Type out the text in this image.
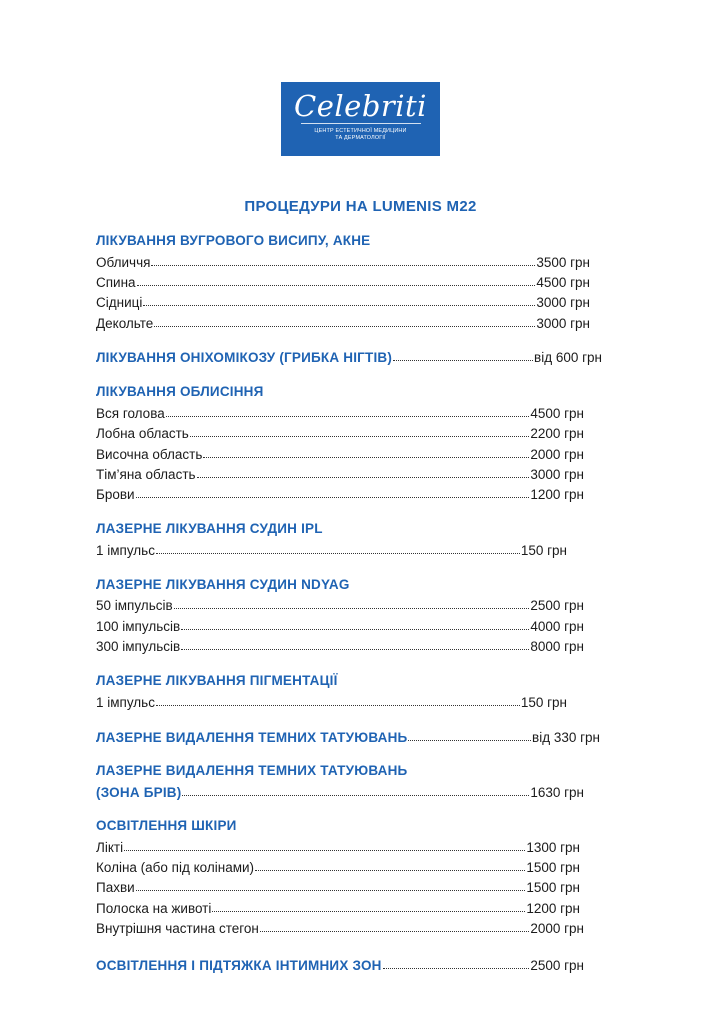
Celebriti
ЦЕНТР ЕСТЕТИЧНОЇ МЕДИЦИНИ
ТА ДЕРМАТОЛОГІЇ
ПРОЦЕДУРИ НА LUMENIS M22
ЛІКУВАННЯ ВУГРОВОГО ВИСИПУ, АКНЕ
Обличчя	3500 грн
Спина	4500 грн
Сідниці	3000 грн
Декольте	3000 грн
ЛІКУВАННЯ ОНІХОМІКОЗУ (ГРИБКА НІГТІВ)	від 600 грн
ЛІКУВАННЯ ОБЛИСІННЯ
Вся голова	4500 грн
Лобна область	2200 грн
Височна область	2000 грн
Тім’яна область	3000 грн
Брови	1200 грн
ЛАЗЕРНЕ ЛІКУВАННЯ СУДИН IPL
1 імпульс	150 грн
ЛАЗЕРНЕ ЛІКУВАННЯ СУДИН NDYAG
50 імпульсів	2500 грн
100 імпульсів	4000 грн
300 імпульсів	8000 грн
ЛАЗЕРНЕ ЛІКУВАННЯ ПІГМЕНТАЦІЇ
1 імпульс	150 грн
ЛАЗЕРНЕ ВИДАЛЕННЯ ТЕМНИХ ТАТУЮВАНЬ	від 330 грн
ЛАЗЕРНЕ ВИДАЛЕННЯ ТЕМНИХ ТАТУЮВАНЬ
(ЗОНА БРІВ)	1630 грн
ОСВІТЛЕННЯ ШКІРИ
Лікті	1300 грн
Коліна (або під колінами)	1500 грн
Пахви	1500 грн
Полоска на животі	1200 грн
Внутрішня частина стегон	2000 грн
ОСВІТЛЕННЯ І ПІДТЯЖКА ІНТИМНИХ ЗОН	2500 грн
